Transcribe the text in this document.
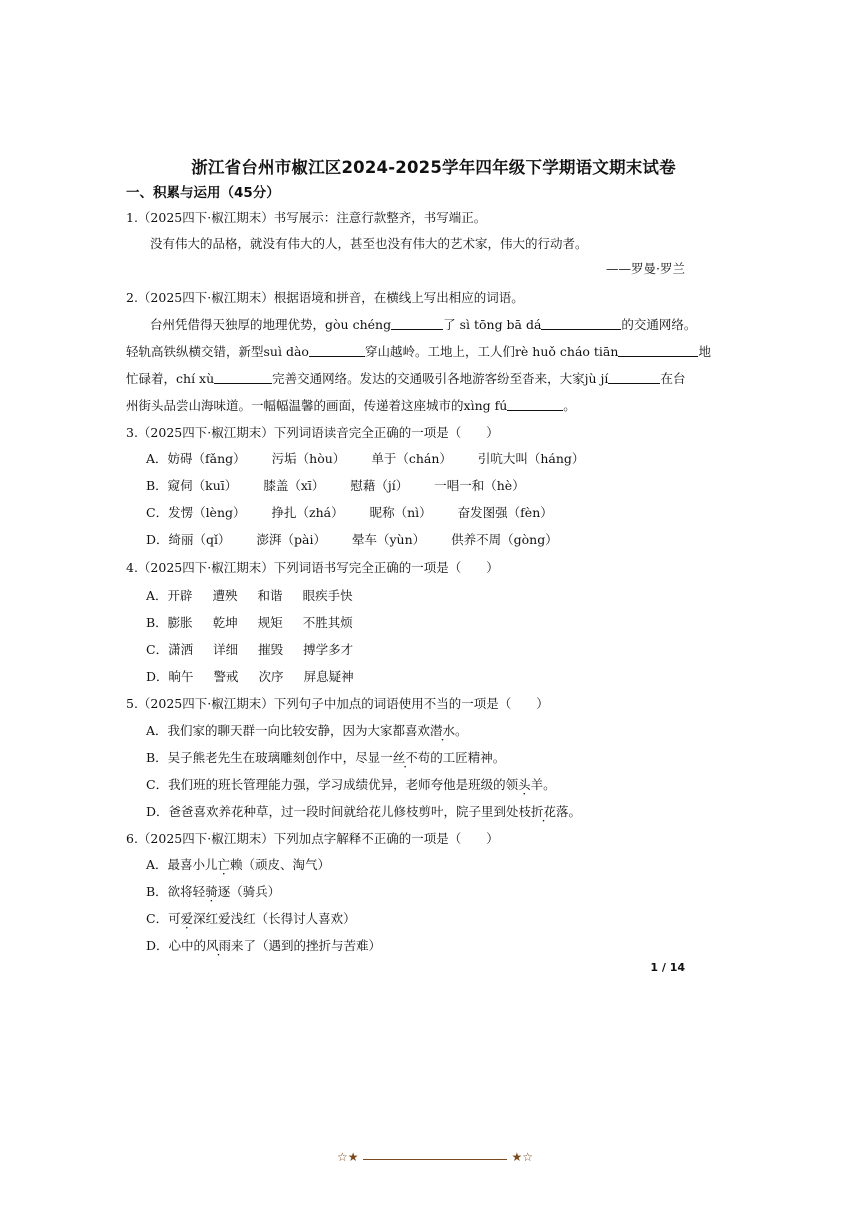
浙江省台州市椒江区2024-2025学年四年级下学期语文期末试卷
一、积累与运用（45分）
1.（2025四下·椒江期末）书写展示：注意行款整齐，书写端正。
没有伟大的品格，就没有伟大的人，甚至也没有伟大的艺术家，伟大的行动者。
——罗曼·罗兰
2.（2025四下·椒江期末）根据语境和拼音，在横线上写出相应的词语。
台州凭借得天独厚的地理优势，gòu chéng	了 sì tōng bā dá	的交通网络。
轻轨高铁纵横交错，新型suì dào	穿山越岭。工地上，工人们rè huǒ cháo tiān	地
忙碌着，chí xù	完善交通网络。发达的交通吸引各地游客纷至沓来，大家jù jí	在台
州街头品尝山海味道。一幅幅温馨的画面，传递着这座城市的xìng fú	。
3.（2025四下·椒江期末）下列词语读音完全正确的一项是（　　）
A．妨碍（fǎng） 污垢（hòu） 单于（chán） 引吭大叫（háng）
B．窥伺（kuī） 膝盖（xī） 慰藉（jí） 一唱一和（hè）
C．发愣（lèng） 挣扎（zhá） 昵称（nì） 奋发图强（fèn）
D．绮丽（qǐ） 澎湃（pài） 晕车（yùn） 供养不周（gòng）
4.（2025四下·椒江期末）下列词语书写完全正确的一项是（　　）
A．开辟 遭殃 和谐 眼疾手快
B．膨胀 乾坤 规矩 不胜其烦
C．潇洒 详细 摧毁 搏学多才
D．晌午 警戒 次序 屏息疑神
5.（2025四下·椒江期末）下列句子中加点的词语使用不当的一项是（　　）
A．我们家的聊天群一向比较安静，因为大家都喜欢潜水。
B．吴子熊老先生在玻璃雕刻创作中，尽显一丝不苟的工匠精神。
C．我们班的班长管理能力强，学习成绩优异，老师夸他是班级的领头羊。
D．爸爸喜欢养花种草，过一段时间就给花儿修枝剪叶，院子里到处枝折花落。
6.（2025四下·椒江期末）下列加点字解释不正确的一项是（　　）
A．最喜小儿亡赖（顽皮、淘气）
B．欲将轻骑逐（骑兵）
C．可爱深红爱浅红（长得讨人喜欢）
D．心中的风雨来了（遇到的挫折与苦难）
1 / 14
☆★	★☆
